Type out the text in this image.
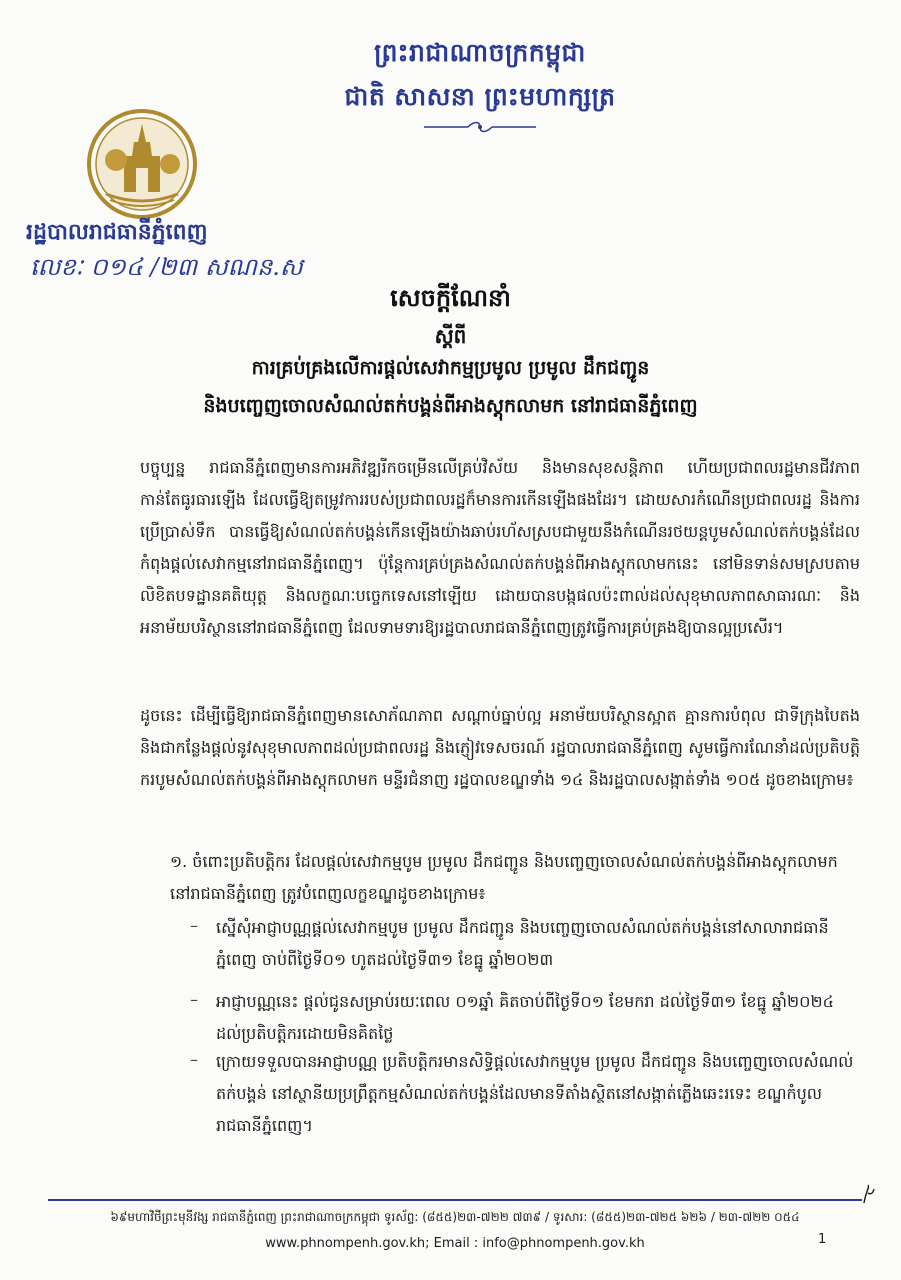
ព្រះរាជាណាចក្រកម្ពុជា
ជាតិ សាសនា ព្រះមហាក្សត្រ
រដ្ឋបាលរាជធានីភ្នំពេញ
លេខៈ ០១៤ /២៣ សណន.ស
សេចក្តីណែនាំ
ស្តីពី
ការគ្រប់គ្រងលើការផ្តល់សេវាកម្មប្រមូល ប្រមូល ដឹកជញ្ជូន
និងបញ្ចេញចោលសំណល់តក់បង្គន់ពីអាងស្តុកលាមក នៅរាជធានីភ្នំពេញ
បច្ចុប្បន្ន រាជធានីភ្នំពេញមានការអភិវឌ្ឍរីកចម្រើនលើគ្រប់វិស័យ និងមានសុខសន្តិភាព ហើយប្រជាពលរដ្ឋមានជីវភាពកាន់តែធូរធារឡើង ដែលធ្វើឱ្យតម្រូវការរបស់ប្រជាពលរដ្ឋក៏មានការកើនឡើងផងដែរ។ ដោយសារកំណើនប្រជាពលរដ្ឋ និងការប្រើប្រាស់ទឹក បានធ្វើឱ្យសំណល់តក់បង្គន់កើនឡើងយ៉ាងឆាប់រហ័សស្របជាមួយនឹងកំណើនរថយន្តបូមសំណល់តក់បង្គន់ដែលកំពុងផ្តល់សេវាកម្មនៅរាជធានីភ្នំពេញ។ ប៉ុន្តែការគ្រប់គ្រងសំណល់តក់បង្គន់ពីអាងស្តុកលាមកនេះ នៅមិនទាន់សមស្របតាមលិខិតបទដ្ឋានគតិយុត្ត និងលក្ខណៈបច្ចេកទេសនៅឡើយ ដោយបានបង្កផលប៉ះពាល់ដល់សុខុមាលភាពសាធារណៈ និងអនាម័យបរិស្ថាននៅរាជធានីភ្នំពេញ ដែលទាមទារឱ្យរដ្ឋបាលរាជធានីភ្នំពេញត្រូវធ្វើការគ្រប់គ្រងឱ្យបានល្អប្រសើរ។
ដូចនេះ ដើម្បីធ្វើឱ្យរាជធានីភ្នំពេញមានសោភ័ណភាព សណ្តាប់ធ្នាប់ល្អ អនាម័យបរិស្ថានស្អាត គ្មានការបំពុល ជាទីក្រុងបៃតង និងជាកន្លែងផ្តល់នូវសុខុមាលភាពដល់ប្រជាពលរដ្ឋ និងភ្ញៀវទេសចរណ៍ រដ្ឋបាលរាជធានីភ្នំពេញ សូមធ្វើការណែនាំដល់ប្រតិបត្តិករបូមសំណល់តក់បង្គន់ពីអាងស្តុកលាមក មន្ទីរជំនាញ រដ្ឋបាលខណ្ឌទាំង ១៤ និងរដ្ឋបាលសង្កាត់ទាំង ១០៥ ដូចខាងក្រោម៖
១. ចំពោះប្រតិបត្តិករ ដែលផ្តល់សេវាកម្មបូម ប្រមូល ដឹកជញ្ជូន និងបញ្ចេញចោលសំណល់តក់បង្គន់ពីអាងស្តុកលាមក នៅរាជធានីភ្នំពេញ ត្រូវបំពេញលក្ខខណ្ឌដូចខាងក្រោម៖
– ស្នើសុំអាជ្ញាបណ្ណផ្តល់សេវាកម្មបូម ប្រមូល ដឹកជញ្ជូន និងបញ្ចេញចោលសំណល់តក់បង្គន់នៅសាលារាជធានីភ្នំពេញ ចាប់ពីថ្ងៃទី០១ ហូតដល់ថ្ងៃទី៣១ ខែធ្នូ ឆ្នាំ២០២៣
– អាជ្ញាបណ្ណនេះ ផ្តល់ជូនសម្រាប់រយៈពេល ០១ឆ្នាំ គិតចាប់ពីថ្ងៃទី០១ ខែមករា ដល់ថ្ងៃទី៣១ ខែធ្នូ ឆ្នាំ២០២៤ ដល់ប្រតិបត្តិករដោយមិនគិតថ្លៃ
– ក្រោយទទួលបានអាជ្ញាបណ្ណ ប្រតិបត្តិករមានសិទ្ធិផ្តល់សេវាកម្មបូម ប្រមូល ដឹកជញ្ជូន និងបញ្ចេញចោលសំណល់តក់បង្គន់ នៅស្ថានីយប្រព្រឹត្តកម្មសំណល់តក់បង្គន់ដែលមានទីតាំងស្ថិតនៅសង្កាត់ភ្លើងឆេះរទេះ ខណ្ឌកំបូល រាជធានីភ្នំពេញ។
៦៩មហាវិថីព្រះមុនីវង្ស រាជធានីភ្នំពេញ ព្រះរាជាណាចក្រកម្ពុជា ទូរស័ព្ទ: (៨៥៥)២៣-៧២២ ៧៣៩ / ទូរសារ: (៨៥៥)២៣-៧២៥ ៦២៦ / ២៣-៧២២ ០៥៤
www.phnompenh.gov.kh; Email : info@phnompenh.gov.kh	1
